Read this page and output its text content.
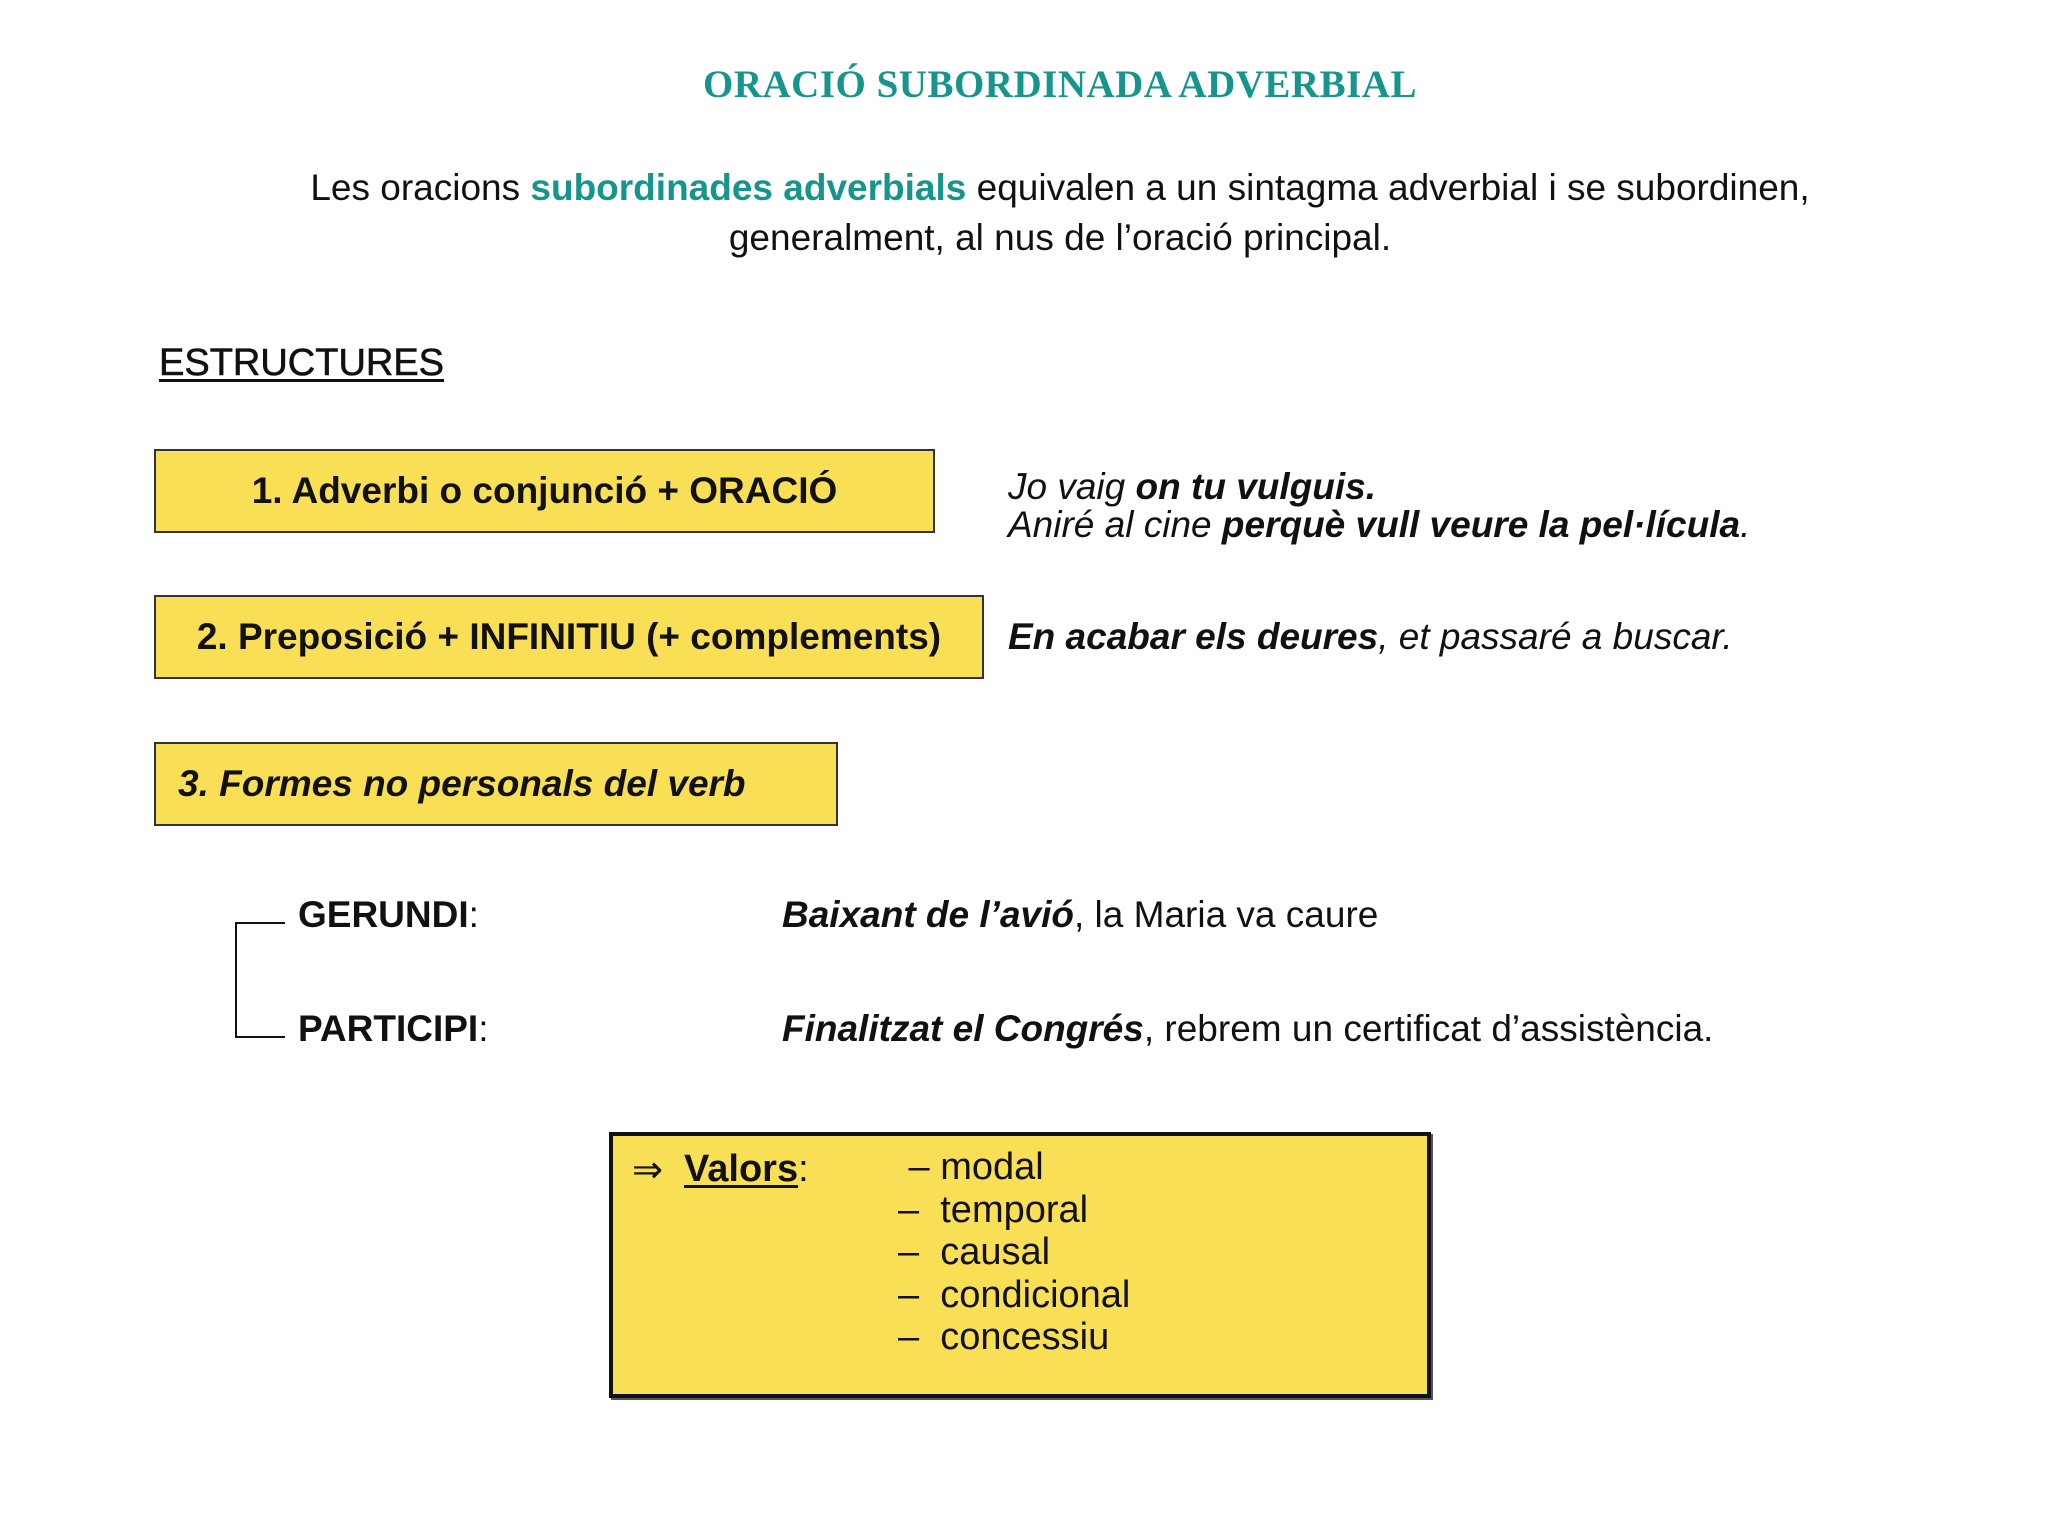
ORACIÓ SUBORDINADA ADVERBIAL
Les oracions subordinades adverbials equivalen a un sintagma adverbial i se subordinen,
generalment, al nus de l’oració principal.
ESTRUCTURES
1. Adverbi o conjunció + ORACIÓ	Jo vaig on tu vulguis.
Aniré al cine perquè vull veure la pel·lícula.
2. Preposició + INFINITIU (+ complements) En acabar els deures, et passaré a buscar.
3. Formes no personals del verb
GERUNDI:	Baixant de l’avió, la Maria va caure
PARTICIPI:	Finalitzat el Congrés, rebrem un certificat d’assistència.
⇒ Valors: – modal
–  temporal
–  causal
–  condicional
–  concessiu
